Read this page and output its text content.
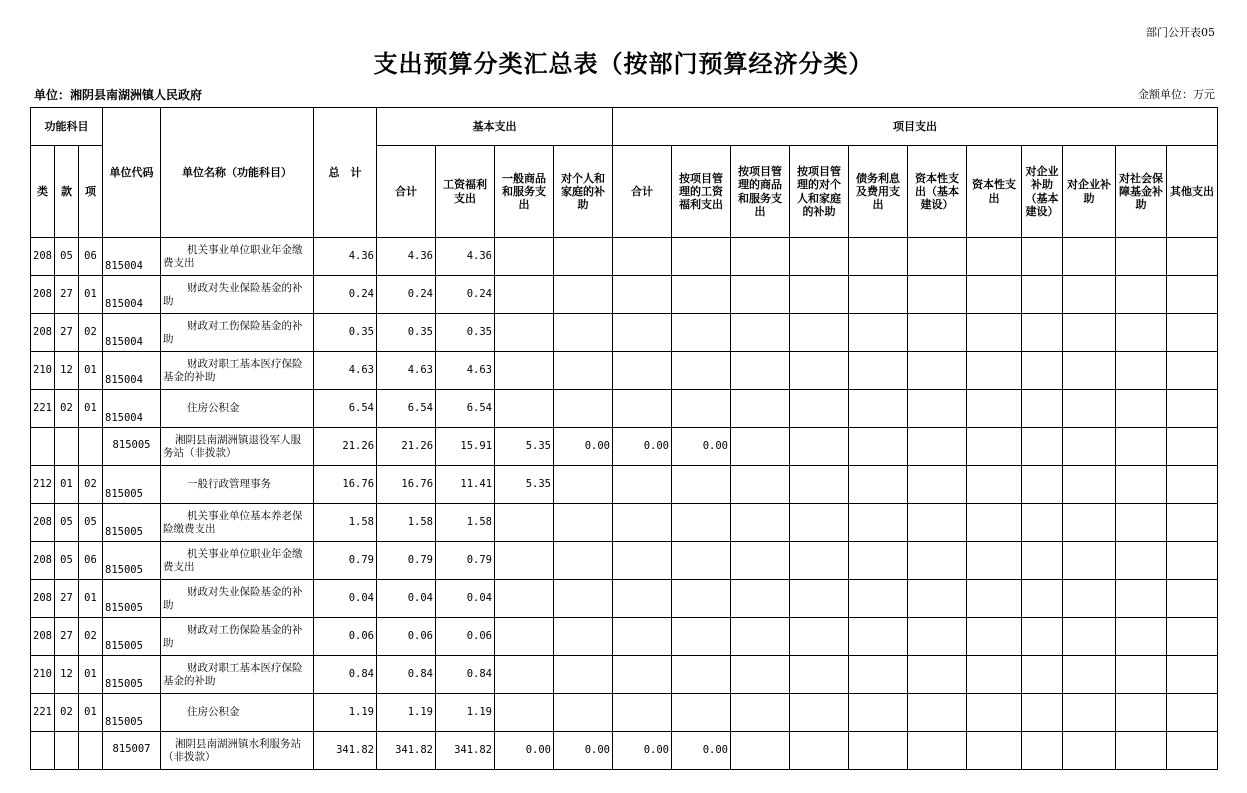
部门公开表05
支出预算分类汇总表（按部门预算经济分类）
单位：湘阴县南湖洲镇人民政府	金额单位：万元
功能科目			单位代码	单位名称（功能科目）	总　计	基本支出				项目支出										
类	款	项				合计	工资福利支出	一般商品和服务支出	对个人和家庭的补助	合计	按项目管理的工资福利支出	按项目管理的商品和服务支出	按项目管理的对个人和家庭的补助	债务利息及费用支出	资本性支出（基本建设）	资本性支出	对企业补助（基本建设）	对企业补助	对社会保障基金补助	其他支出
208	05	06	815004	机关事业单位职业年金缴费支出	4.36	4.36	4.36													
208	27	01	815004	财政对失业保险基金的补助	0.24	0.24	0.24													
208	27	02	815004	财政对工伤保险基金的补助	0.35	0.35	0.35													
210	12	01	815004	财政对职工基本医疗保险基金的补助	4.63	4.63	4.63													
221	02	01	815004	住房公积金	6.54	6.54	6.54													
			815005	湘阴县南湖洲镇退役军人服务站（非拨款）	21.26	21.26	15.91	5.35	0.00	0.00	0.00									
212	01	02	815005	一般行政管理事务	16.76	16.76	11.41	5.35												
208	05	05	815005	机关事业单位基本养老保险缴费支出	1.58	1.58	1.58													
208	05	06	815005	机关事业单位职业年金缴费支出	0.79	0.79	0.79													
208	27	01	815005	财政对失业保险基金的补助	0.04	0.04	0.04													
208	27	02	815005	财政对工伤保险基金的补助	0.06	0.06	0.06													
210	12	01	815005	财政对职工基本医疗保险基金的补助	0.84	0.84	0.84													
221	02	01	815005	住房公积金	1.19	1.19	1.19													
			815007	湘阴县南湖洲镇水利服务站（非拨款）	341.82	341.82	341.82	0.00	0.00	0.00	0.00									
